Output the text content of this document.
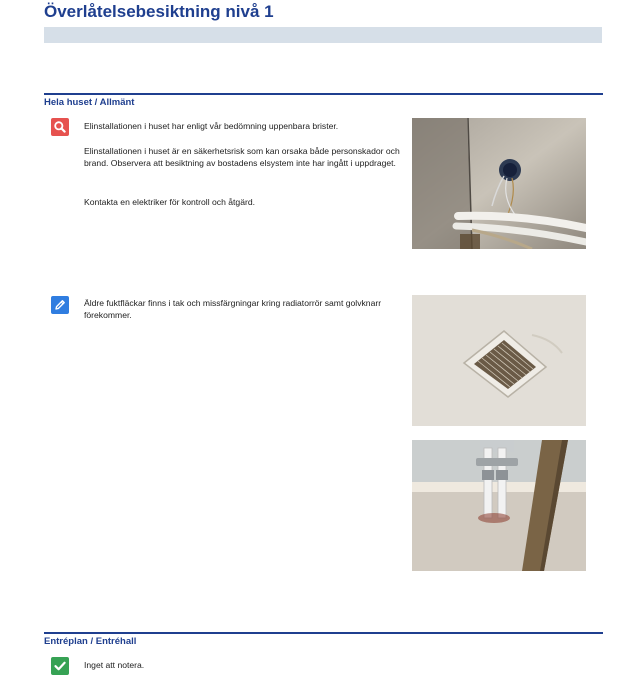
Överlåtelsebesiktning nivå 1
Hela huset / Allmänt

Elinstallationen i huset har enligt vår bedömning uppenbara brister.

Elinstallationen i huset är en säkerhetsrisk som kan orsaka både personskador och brand. Observera att besiktning av bostadens elsystem inte har ingått i uppdraget.

Kontakta en elektriker för kontroll och åtgärd.

Äldre fuktfläckar finns i tak och missfärgningar kring radiatorrör samt golvknarr förekommer.

Entréplan / Entréhall

Inget att notera.
